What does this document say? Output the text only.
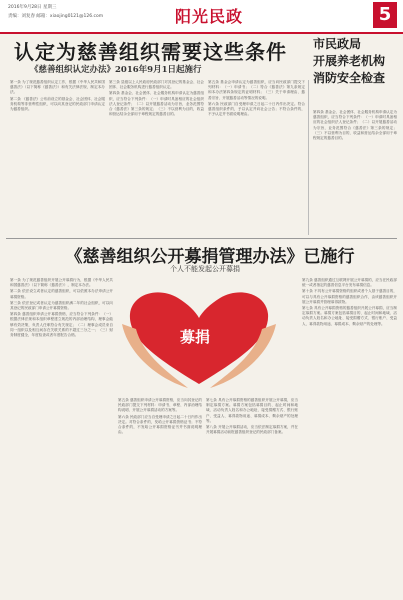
2016年9月28日 星期三
责编：刘复春 邮箱：xiaojing0121@126.com	阳光民政	5
认定为慈善组织需要这些条件
《慈善组织认定办法》2016年9月1日起施行
市民政局
开展养老机构
消防安全检查

第一条 为了规范慈善组织认定工作，根据《中华人民共和国慈善法》（以下简称《慈善法》）和有关法律法规，制定本办法。

第二条 《慈善法》公布前设立的基金会、社会团体、社会服务机构等非营利性组织，可以向其登记的民政部门申请认定为慈善组织。

第三条 县级以上人民政府民政部门对其登记的基金会、社会团体、社会服务机构进行慈善组织认定。

第四条 基金会、社会团体、社会服务机构申请认定为慈善组织，应当符合下列条件：（一）申请时具备相应的社会组织法人登记条件；（二）以开展慈善活动为宗旨，业务范围符合《慈善法》第三条的规定；（三）不以营利为目的，收益和营运结余全部用于章程规定的慈善目的。

第五条 基金会申请认定为慈善组织，应当向民政部门提交下列材料：（一）申请书；（二）符合《慈善法》第九条规定和本办法第四条规定的证明材料；（三）关于申请理由、慈善宗旨、开展慈善活动等情况的说明。

第六条 民政部门自受理申请之日起二十日内作出决定。符合慈善组织条件的，予以认定并向社会公告；不符合条件的，不予认定并书面说明理由。

第四条 基金会、社会团体、社会服务机构申请认定为慈善组织，应当符合下列条件：（一）申请时具备相应的社会组织法人登记条件；（二）以开展慈善活动为宗旨，业务范围符合《慈善法》第三条的规定；（三）不以营利为目的，收益和营运结余全部用于章程规定的慈善目的。

《慈善组织公开募捐管理办法》已施行
个人不能发起公开募捐

第一条 为了规范慈善组织开展公开募捐行为，根据《中华人民共和国慈善法》（以下简称《慈善法》），制定本办法。

第二条 依法设立或者认定的慈善组织，可以依照本办法申请公开募捐资格。

第三条 依法登记或者认定为慈善组织满二年的社会组织，可以向其登记的民政部门申请公开募捐资格。

第四条 慈善组织申请公开募捐资格，应当符合下列条件：（一）根据法律法规和本组织章程建立规范的内部治理结构，理事会能够有效决策，负责人任职符合有关规定；（二）理事会成员来自同一组织以及相互间存在关联关系的不超过三分之一；（三）财务制度健全，年度检查或者年度报告合格。	募捐

第五条 慈善组织申请公开募捐资格，应当向其登记的民政部门提交下列材料：申请书、章程、内部治理结构说明、开展公开募捐活动的方案等。

第六条 民政部门应当自受理申请之日起二十日内作出决定。对符合条件的，发给公开募捐资格证书；不符合条件的，不发给公开募捐资格证书并书面说明理由。

第七条 具有公开募捐资格的慈善组织开展公开募捐，应当制定募捐方案。募捐方案包括募捐目的、起止时间和地域、活动负责人姓名和办公地址、接受捐赠方式、银行账户、受益人、募得款物用途、募捐成本、剩余财产的处理等。

第八条 开展公开募捐活动，应当依法制定募捐方案，并在开展募捐活动前报慈善组织登记的民政部门备案。

第九条 慈善组织通过互联网开展公开募捐的，应当在民政部统一或者指定的慈善信息平台发布募捐信息。

第十条 不具有公开募捐资格的组织或者个人基于慈善目的，可以与具有公开募捐资格的慈善组织合作，由该慈善组织开展公开募捐并管理募得款物。

第七条 具有公开募捐资格的慈善组织开展公开募捐，应当制定募捐方案。募捐方案包括募捐目的、起止时间和地域、活动负责人姓名和办公地址、接受捐赠方式、银行账户、受益人、募得款物用途、募捐成本、剩余财产的处理等。
